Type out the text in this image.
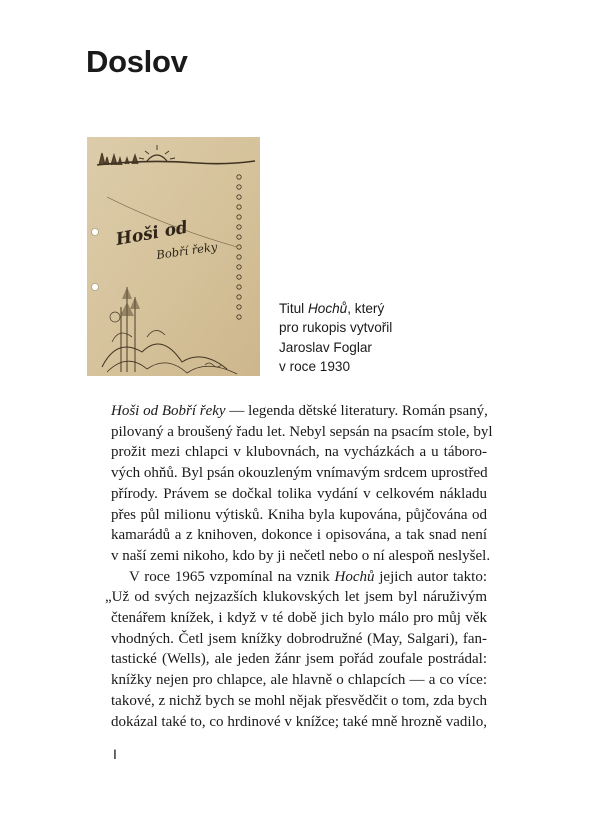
Doslov
Hoši od
Bobří řeky

Titul Hochů, který

pro rukopis vytvořil

Jaroslav Foglar

v roce 1930

Hoši od Bobří řeky — legenda dětské literatury. Román psaný,
pilovaný a broušený řadu let. Nebyl sepsán na psacím stole, byl
prožit mezi chlapci v klubovnách, na vycházkách a u táboro-
vých ohňů. Byl psán okouzleným vnímavým srdcem uprostřed
přírody. Právem se dočkal tolika vydání v celkovém nákladu
přes půl milionu výtisků. Kniha byla kupována, půjčována od
kamarádů a z knihoven, dokonce i opisována, a tak snad není
v naší zemi nikoho, kdo by ji nečetl nebo o ní alespoň neslyšel.
V roce 1965 vzpomínal na vznik Hochů jejich autor takto:
„Už od svých nejzazších klukovských let jsem byl náruživým
čtenářem knížek, i když v té době jich bylo málo pro můj věk
vhodných. Četl jsem knížky dobrodružné (May, Salgari), fan-
tastické (Wells), ale jeden žánr jsem pořád zoufale postrádal:
knížky nejen pro chlapce, ale hlavně o chlapcích — a co více:
takové, z nichž bych se mohl nějak přesvědčit o tom, zda bych
dokázal také to, co hrdinové v knížce; také mně hrozně vadilo,
I
